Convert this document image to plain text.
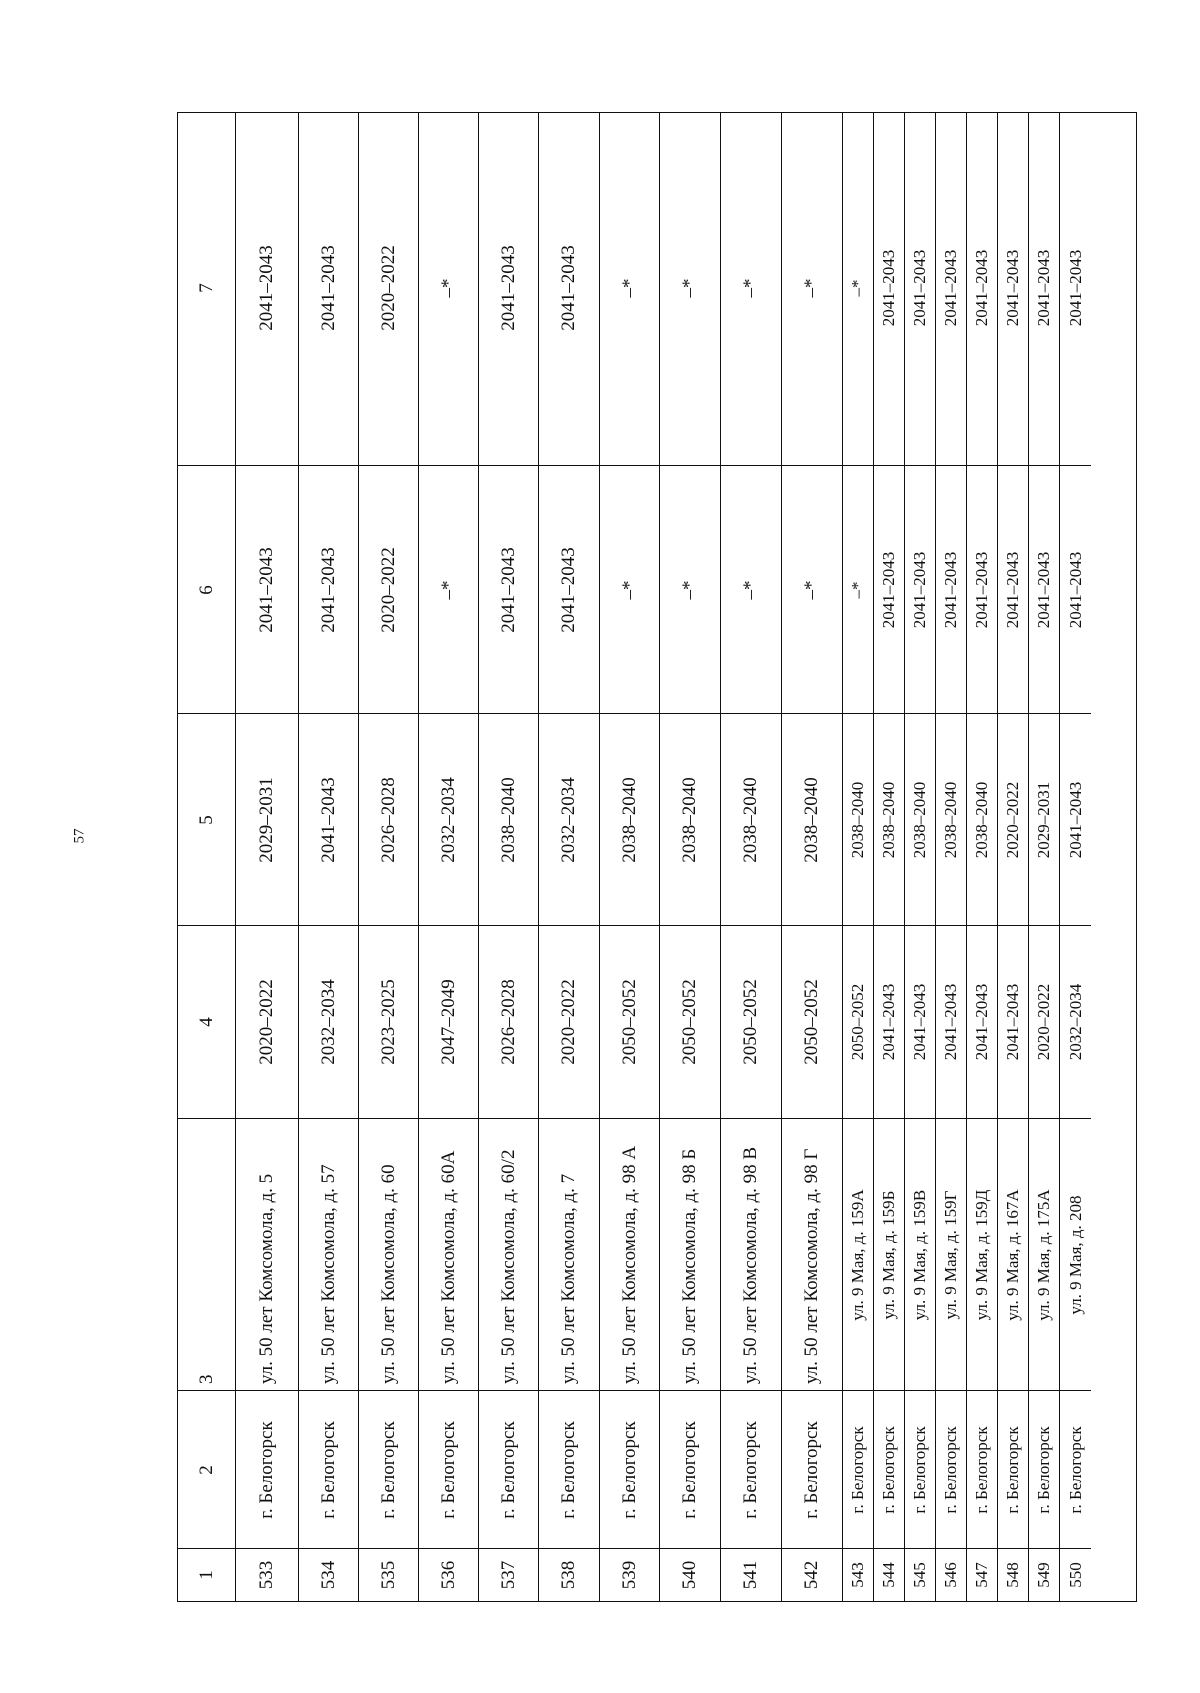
57
1
2
3
4
5
6
7
533
г. Белогорск
ул. 50 лет Комсомола, д. 5
2020–2022
2029–2031
2041–2043
2041–2043
534
г. Белогорск
ул. 50 лет Комсомола, д. 57
2032–2034
2041–2043
2041–2043
2041–2043
535
г. Белогорск
ул. 50 лет Комсомола, д. 60
2023–2025
2026–2028
2020–2022
2020–2022
536
г. Белогорск
ул. 50 лет Комсомола, д. 60А
2047–2049
2032–2034
–*
–*
537
г. Белогорск
ул. 50 лет Комсомола, д. 60/2
2026–2028
2038–2040
2041–2043
2041–2043
538
г. Белогорск
ул. 50 лет Комсомола, д. 7
2020–2022
2032–2034
2041–2043
2041–2043
539
г. Белогорск
ул. 50 лет Комсомола, д. 98 А
2050–2052
2038–2040
–*
–*
540
г. Белогорск
ул. 50 лет Комсомола, д. 98 Б
2050–2052
2038–2040
–*
–*
541
г. Белогорск
ул. 50 лет Комсомола, д. 98 В
2050–2052
2038–2040
–*
–*
542
г. Белогорск
ул. 50 лет Комсомола, д. 98 Г
2050–2052
2038–2040
–*
–*
543
г. Белогорск
ул. 9 Мая, д. 159А
2050–2052
2038–2040
–*
–*
544
г. Белогорск
ул. 9 Мая, д. 159Б
2041–2043
2038–2040
2041–2043
2041–2043
545
г. Белогорск
ул. 9 Мая, д. 159В
2041–2043
2038–2040
2041–2043
2041–2043
546
г. Белогорск
ул. 9 Мая, д. 159Г
2041–2043
2038–2040
2041–2043
2041–2043
547
г. Белогорск
ул. 9 Мая, д. 159Д
2041–2043
2038–2040
2041–2043
2041–2043
548
г. Белогорск
ул. 9 Мая, д. 167А
2041–2043
2020–2022
2041–2043
2041–2043
549
г. Белогорск
ул. 9 Мая, д. 175А
2020–2022
2029–2031
2041–2043
2041–2043
550
г. Белогорск
ул. 9 Мая, д. 208
2032–2034
2041–2043
2041–2043
2041–2043
